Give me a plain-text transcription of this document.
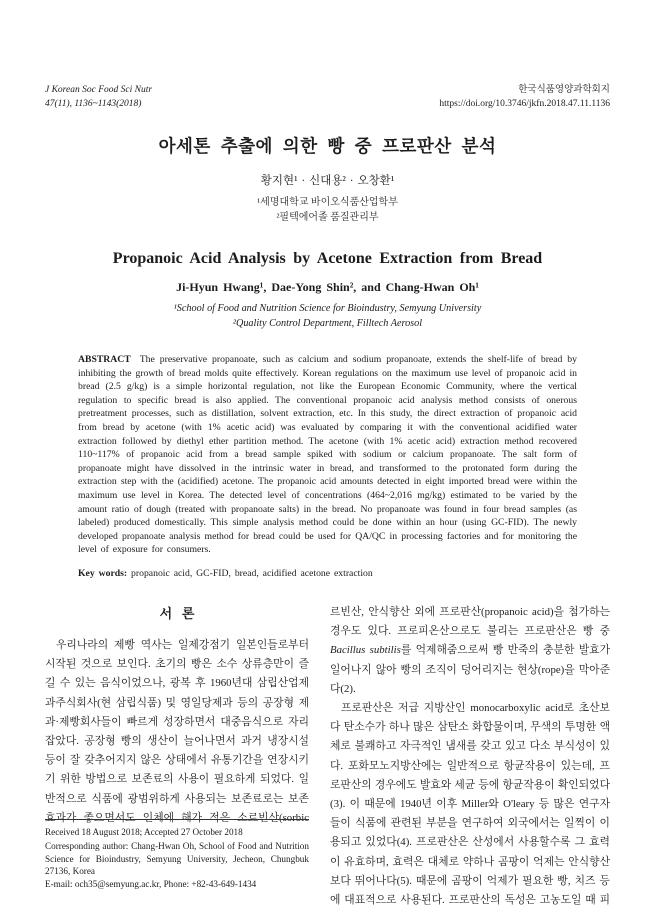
J Korean Soc Food Sci Nutr
47(11), 1136~1143(2018)
한국식품영양과학회지
https://doi.org/10.3746/jkfn.2018.47.11.1136
아세톤 추출에 의한 빵 중 프로판산 분석
황지현¹ · 신대용² · 오창환¹
¹세명대학교 바이오식품산업학부
²필텍에어졸 품질관리부
Propanoic Acid Analysis by Acetone Extraction from Bread
Ji-Hyun Hwang¹, Dae-Yong Shin², and Chang-Hwan Oh¹
¹School of Food and Nutrition Science for Bioindustry, Semyung University
²Quality Control Department, Filltech Aerosol

ABSTRACT The preservative propanoate, such as calcium and sodium propanoate, extends the shelf-life of bread by inhibiting the growth of bread molds quite effectively. Korean regulations on the maximum use level of propanoic acid in bread (2.5 g/kg) is a simple horizontal regulation, not like the European Economic Community, where the vertical regulation to specific bread is also applied. The conventional propanoic acid analysis method consists of onerous pretreatment processes, such as distillation, solvent extraction, etc. In this study, the direct extraction of propanoic acid from bread by acetone (with 1% acetic acid) was evaluated by comparing it with the conventional acidified water extraction followed by diethyl ether partition method. The acetone (with 1% acetic acid) extraction method recovered 110~117% of propanoic acid from a bread sample spiked with sodium or calcium propanoate. The salt form of propanoate might have dissolved in the intrinsic water in bread, and transformed to the protonated form during the extraction step with the (acidified) acetone. The propanoic acid amounts detected in eight imported bread were within the maximum use level in Korea. The detected level of concentrations (464~2,016 mg/kg) estimated to be varied by the amount ratio of dough (treated with propanoate salts) in the bread. No propanoate was found in four bread samples (as labeled) produced domestically. This simple analysis method could be done within an hour (using GC-FID). The newly developed propanoate analysis method for bread could be used for QA/QC in processing factories and for monitoring the level of exposure for consumers.

Key words: propanoic acid, GC-FID, bread, acidified acetone extraction

서   론

우리나라의 제빵 역사는 일제강점기 일본인들로부터 시작된 것으로 보인다. 초기의 빵은 소수 상류층만이 즐길 수 있는 음식이었으나, 광복 후 1960년대 삼립산업제과주식회사(현 삼립식품) 및 영일당제과 등의 공장형 제과·제빵회사들이 빠르게 성장하면서 대중음식으로 자리 잡았다. 공장형 빵의 생산이 늘어나면서 과거 냉장시설 등이 잘 갖추어지지 않은 상태에서 유통기간을 연장시키기 위한 방법으로 보존료의 사용이 필요하게 되었다. 일반적으로 식품에 광범위하게 사용되는 보존료로는 보존 효과가 좋으면서도 인체에 해가 적은 소르빈산(sorbic

Received 18 August 2018; Accepted 27 October 2018
Corresponding author: Chang-Hwan Oh, School of Food and Nutrition Science for Bioindustry, Semyung University, Jecheon, Chungbuk 27136, Korea
E-mail: och35@semyung.ac.kr, Phone: +82-43-649-1434

르빈산, 안식향산 외에 프로판산(propanoic acid)을 첨가하는 경우도 있다. 프로피온산으로도 불리는 프로판산은 빵 중 Bacillus subtilis를 억제해줌으로써 빵 반죽의 충분한 발효가 일어나지 않아 빵의 조직이 덩어리지는 현상(rope)을 막아준다(2).

프로판산은 저급 지방산인 monocarboxylic acid로 초산보다 탄소수가 하나 많은 삼탄소 화합물이며, 무색의 투명한 액체로 불쾌하고 자극적인 냄새를 갖고 있고 다소 부식성이 있다. 포화모노지방산에는 일반적으로 항균작용이 있는데, 프로판산의 경우에도 발효와 세균 등에 항균작용이 확인되었다(3). 이 때문에 1940년 이후 Miller와 O'leary 등 많은 연구자들이 식품에 관련된 부분을 연구하여 외국에서는 일찍이 이용되고 있었다(4). 프로판산은 산성에서 사용할수록 그 효력이 유효하며, 효력은 대체로 약하나 곰팡이 억제는 안식향산보다 뛰어나다(5). 때문에 곰팡이 억제가 필요한 빵, 치즈 등에 대표적으로 사용된다. 프로판산의 독성은 고농도일 때 피
